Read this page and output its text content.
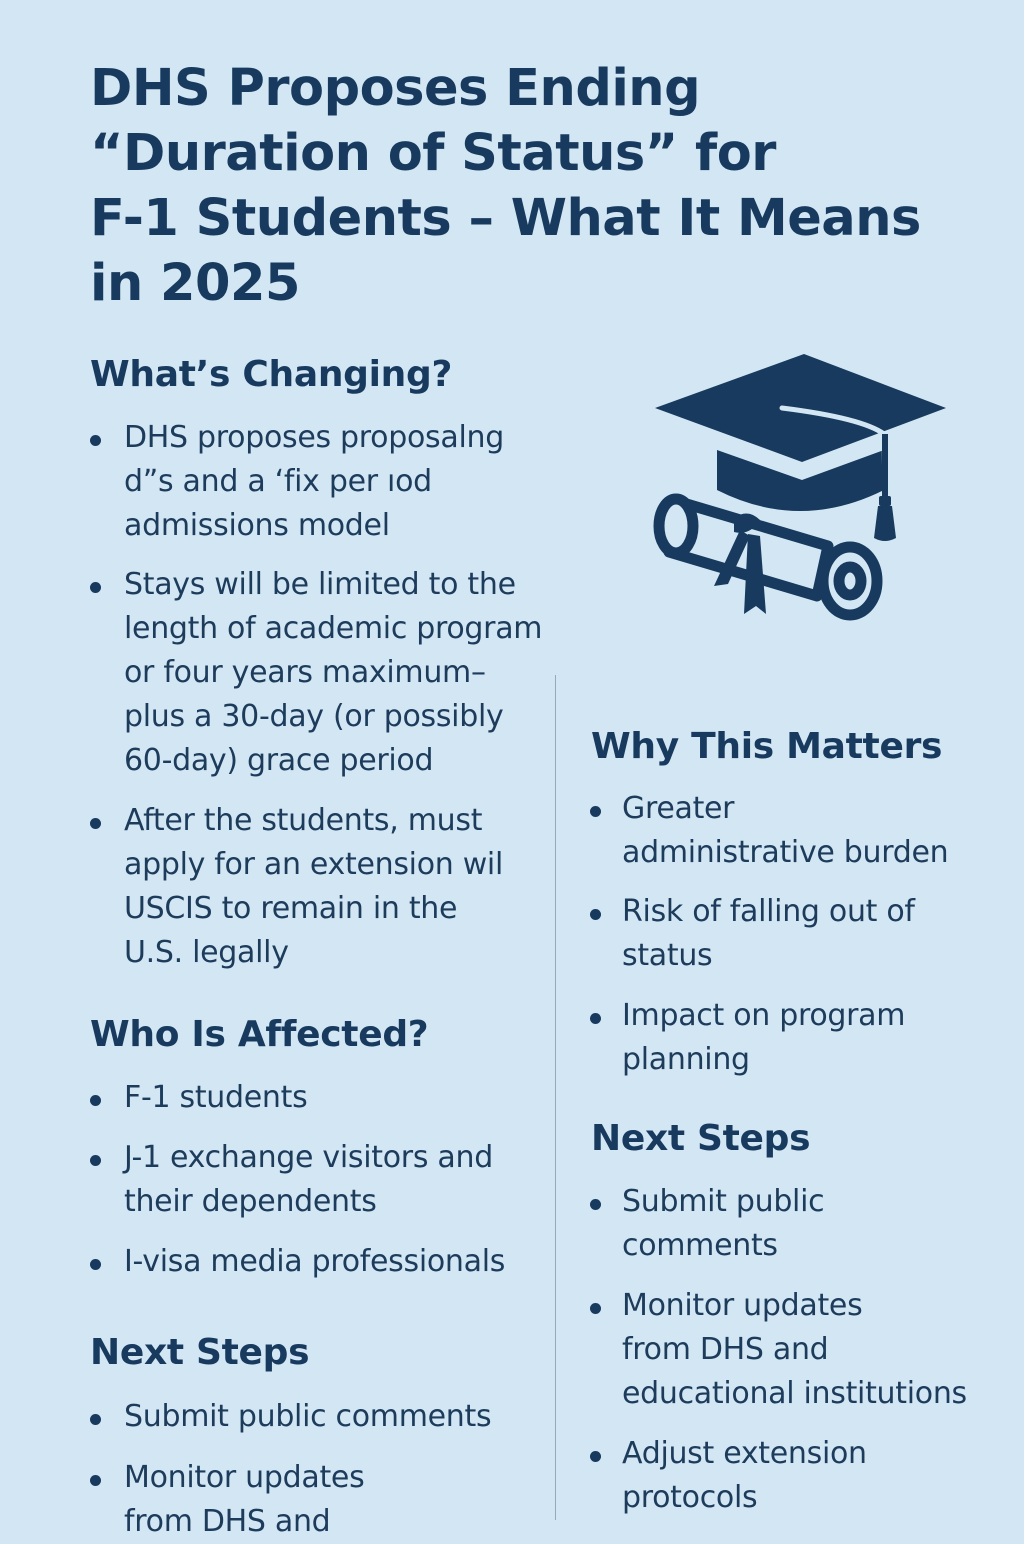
DHS Proposes Ending
“Duration of Status” for
F-1 Students – What It Means
in 2025
What’s Changing?
DHS proposes proposalng
d”s and a ‘fix per ıod
admissions model
Stays will be limited to the
length of academic program
or four years maximum–
plus a 30-day (or possibly
60-day) grace period
After the students, must
apply for an extension wil
USCIS to remain in the
U.S. legally
Who Is Affected?
F-1 students
J-1 exchange visitors and
their dependents
I-visa media professionals
Next Steps
Submit public comments
Monitor updates
from DHS and
Why This Matters
Greater
administrative burden
Risk of falling out of
status
Impact on program
planning
Next Steps
Submit public
comments
Monitor updates
from DHS and
educational institutions
Adjust extension
protocols
